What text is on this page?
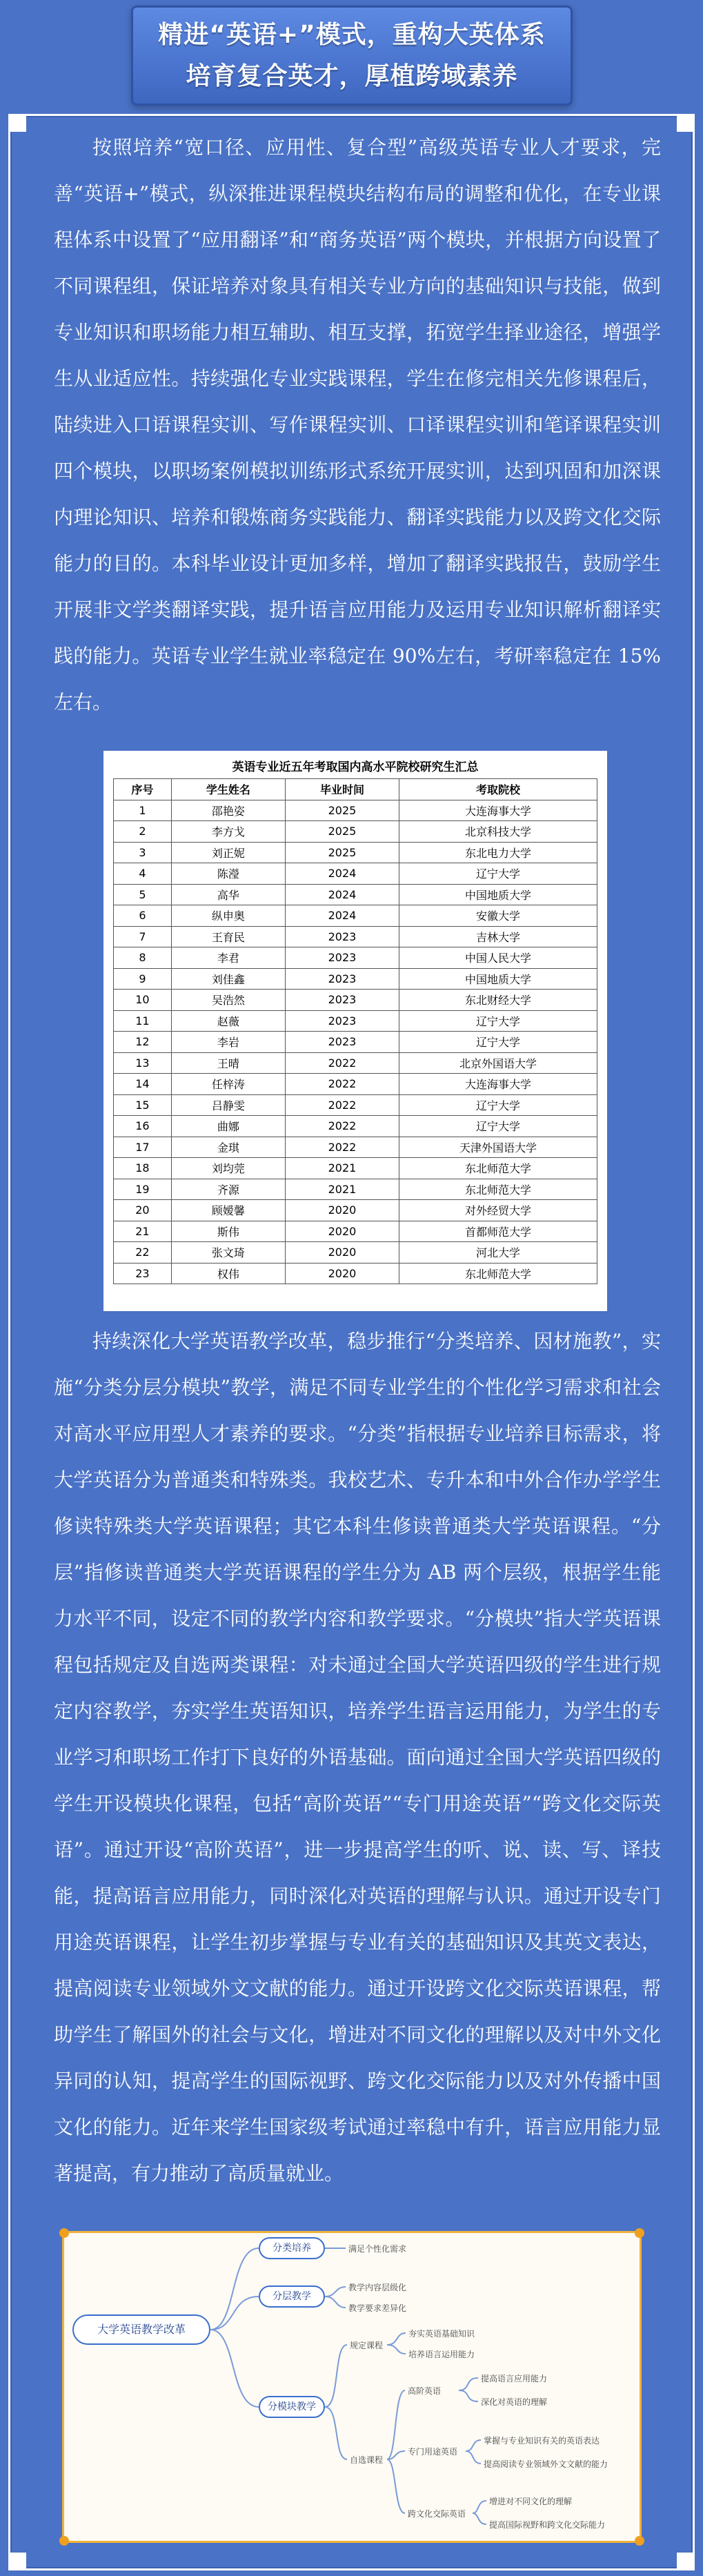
精进“英语+”模式，重构大英体系
培育复合英才，厚植跨域素养

按照培养“宽口径、应用性、复合型”高级英语专业人才要求，完善“英语+”模式，纵深推进课程模块结构布局的调整和优化，在专业课程体系中设置了“应用翻译”和“商务英语”两个模块，并根据方向设置了不同课程组，保证培养对象具有相关专业方向的基础知识与技能，做到专业知识和职场能力相互辅助、相互支撑，拓宽学生择业途径，增强学生从业适应性。持续强化专业实践课程，学生在修完相关先修课程后，陆续进入口语课程实训、写作课程实训、口译课程实训和笔译课程实训四个模块，以职场案例模拟训练形式系统开展实训，达到巩固和加深课内理论知识、培养和锻炼商务实践能力、翻译实践能力以及跨文化交际能力的目的。本科毕业设计更加多样，增加了翻译实践报告，鼓励学生开展非文学类翻译实践，提升语言应用能力及运用专业知识解析翻译实践的能力。英语专业学生就业率稳定在 90%左右，考研率稳定在 15%左右。

英语专业近五年考取国内高水平院校研究生汇总
序号	学生姓名	毕业时间	考取院校
1	邵艳姿	2025	大连海事大学
2	李方戈	2025	北京科技大学
3	刘正妮	2025	东北电力大学
4	陈瀅	2024	辽宁大学
5	高华	2024	中国地质大学
6	纵申奥	2024	安徽大学
7	王育民	2023	吉林大学
8	李君	2023	中国人民大学
9	刘佳鑫	2023	中国地质大学
10	吴浩然	2023	东北财经大学
11	赵薇	2023	辽宁大学
12	李岩	2023	辽宁大学
13	王晴	2022	北京外国语大学
14	任梓涛	2022	大连海事大学
15	吕静雯	2022	辽宁大学
16	曲娜	2022	辽宁大学
17	金琪	2022	天津外国语大学
18	刘均莞	2021	东北师范大学
19	齐源	2021	东北师范大学
20	顾嫒馨	2020	对外经贸大学
21	斯伟	2020	首都师范大学
22	张文琦	2020	河北大学
23	权伟	2020	东北师范大学

持续深化大学英语教学改革，稳步推行“分类培养、因材施教”，实施“分类分层分模块”教学，满足不同专业学生的个性化学习需求和社会对高水平应用型人才素养的要求。“分类”指根据专业培养目标需求，将大学英语分为普通类和特殊类。我校艺术、专升本和中外合作办学学生修读特殊类大学英语课程；其它本科生修读普通类大学英语课程。“分层”指修读普通类大学英语课程的学生分为 AB 两个层级，根据学生能力水平不同，设定不同的教学内容和教学要求。“分模块”指大学英语课程包括规定及自选两类课程：对未通过全国大学英语四级的学生进行规定内容教学，夯实学生英语知识，培养学生语言运用能力，为学生的专业学习和职场工作打下良好的外语基础。面向通过全国大学英语四级的学生开设模块化课程，包括“高阶英语”“专门用途英语”“跨文化交际英语”。通过开设“高阶英语”，进一步提高学生的听、说、读、写、译技能，提高语言应用能力，同时深化对英语的理解与认识。通过开设专门用途英语课程，让学生初步掌握与专业有关的基础知识及其英文表达，提高阅读专业领域外文文献的能力。通过开设跨文化交际英语课程，帮助学生了解国外的社会与文化，增进对不同文化的理解以及对中外文化异同的认知，提高学生的国际视野、跨文化交际能力以及对外传播中国文化的能力。近年来学生国家级考试通过率稳中有升，语言应用能力显著提高，有力推动了高质量就业。

大学英语教学改革
分类培养
分层教学
分模块教学
满足个性化需求
教学内容层级化
教学要求差异化
规定课程
夯实英语基础知识
培养语言运用能力
自选课程
高阶英语
提高语言应用能力
深化对英语的理解
专门用途英语
掌握与专业知识有关的英语表达
提高阅读专业领域外文文献的能力
跨文化交际英语
增进对不同文化的理解
提高国际视野和跨文化交际能力
